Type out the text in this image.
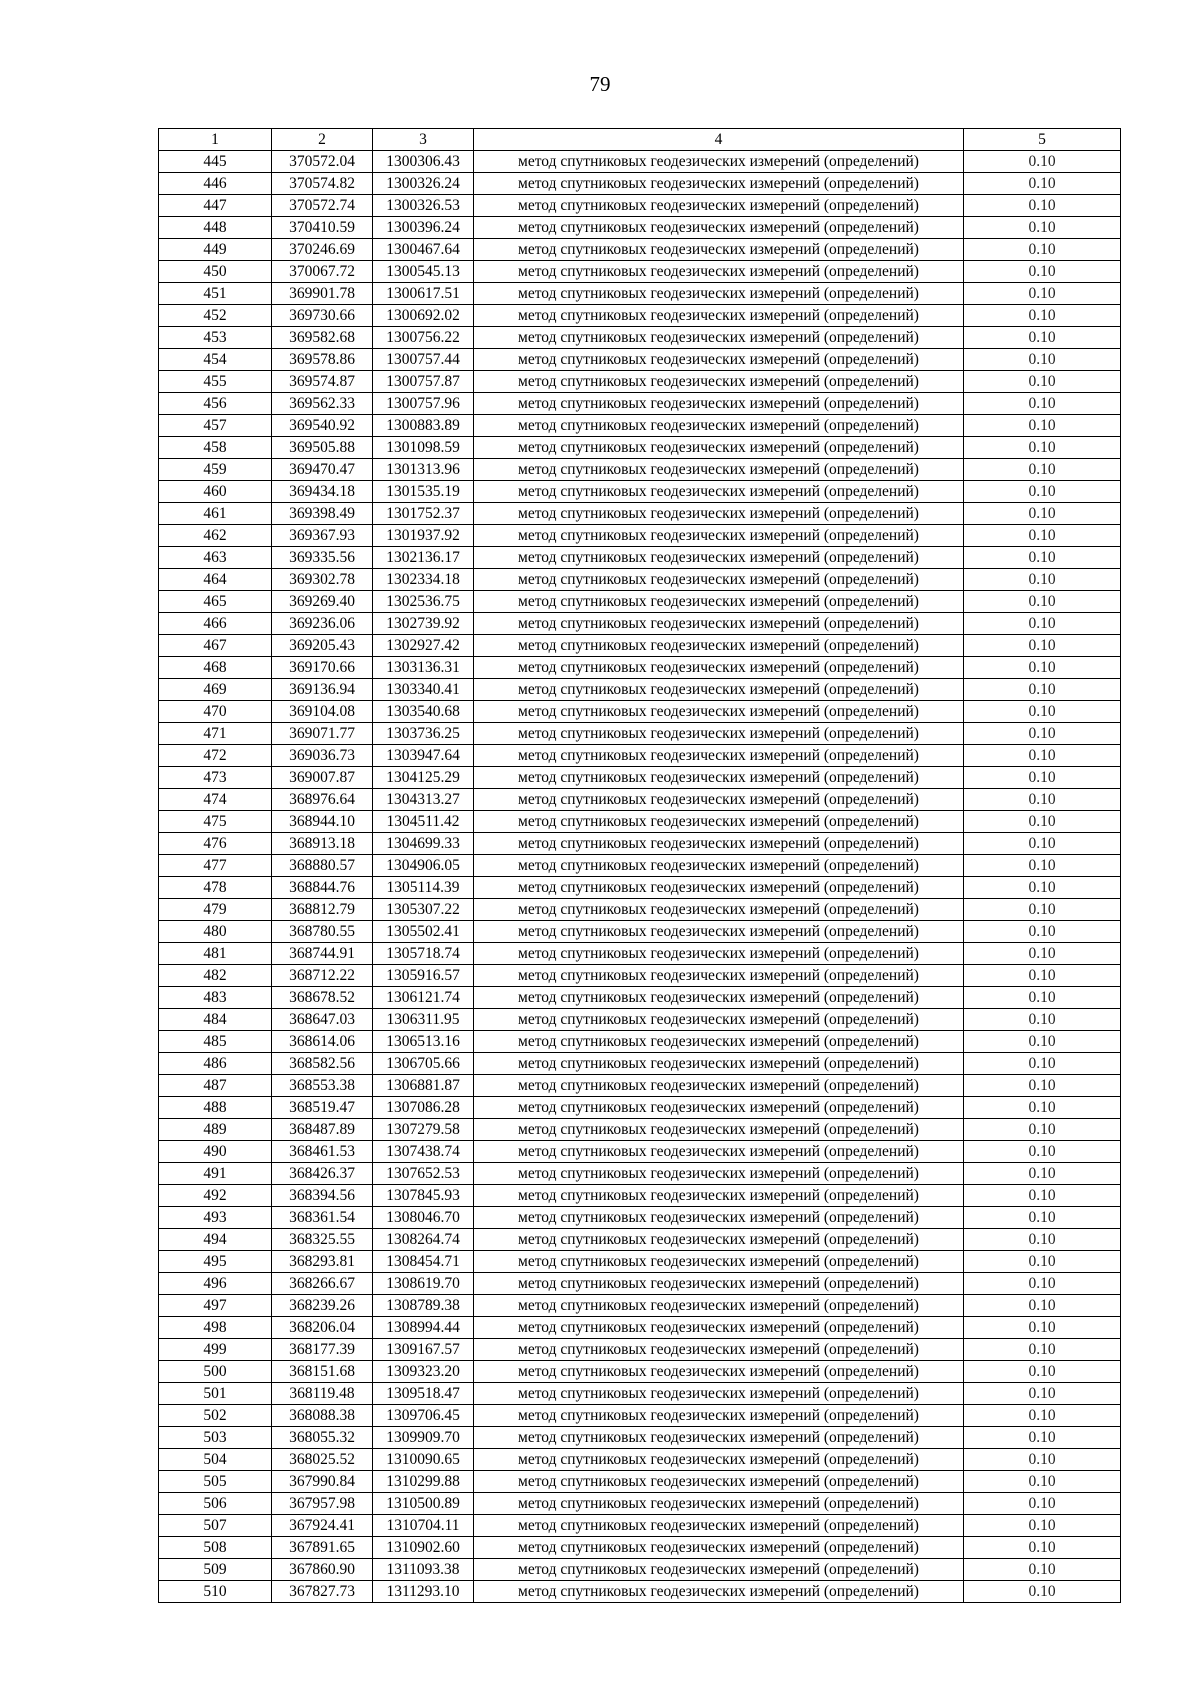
79
1	2	3	4	5
445	370572.04	1300306.43	метод спутниковых геодезических измерений (определений)	0.10
446	370574.82	1300326.24	метод спутниковых геодезических измерений (определений)	0.10
447	370572.74	1300326.53	метод спутниковых геодезических измерений (определений)	0.10
448	370410.59	1300396.24	метод спутниковых геодезических измерений (определений)	0.10
449	370246.69	1300467.64	метод спутниковых геодезических измерений (определений)	0.10
450	370067.72	1300545.13	метод спутниковых геодезических измерений (определений)	0.10
451	369901.78	1300617.51	метод спутниковых геодезических измерений (определений)	0.10
452	369730.66	1300692.02	метод спутниковых геодезических измерений (определений)	0.10
453	369582.68	1300756.22	метод спутниковых геодезических измерений (определений)	0.10
454	369578.86	1300757.44	метод спутниковых геодезических измерений (определений)	0.10
455	369574.87	1300757.87	метод спутниковых геодезических измерений (определений)	0.10
456	369562.33	1300757.96	метод спутниковых геодезических измерений (определений)	0.10
457	369540.92	1300883.89	метод спутниковых геодезических измерений (определений)	0.10
458	369505.88	1301098.59	метод спутниковых геодезических измерений (определений)	0.10
459	369470.47	1301313.96	метод спутниковых геодезических измерений (определений)	0.10
460	369434.18	1301535.19	метод спутниковых геодезических измерений (определений)	0.10
461	369398.49	1301752.37	метод спутниковых геодезических измерений (определений)	0.10
462	369367.93	1301937.92	метод спутниковых геодезических измерений (определений)	0.10
463	369335.56	1302136.17	метод спутниковых геодезических измерений (определений)	0.10
464	369302.78	1302334.18	метод спутниковых геодезических измерений (определений)	0.10
465	369269.40	1302536.75	метод спутниковых геодезических измерений (определений)	0.10
466	369236.06	1302739.92	метод спутниковых геодезических измерений (определений)	0.10
467	369205.43	1302927.42	метод спутниковых геодезических измерений (определений)	0.10
468	369170.66	1303136.31	метод спутниковых геодезических измерений (определений)	0.10
469	369136.94	1303340.41	метод спутниковых геодезических измерений (определений)	0.10
470	369104.08	1303540.68	метод спутниковых геодезических измерений (определений)	0.10
471	369071.77	1303736.25	метод спутниковых геодезических измерений (определений)	0.10
472	369036.73	1303947.64	метод спутниковых геодезических измерений (определений)	0.10
473	369007.87	1304125.29	метод спутниковых геодезических измерений (определений)	0.10
474	368976.64	1304313.27	метод спутниковых геодезических измерений (определений)	0.10
475	368944.10	1304511.42	метод спутниковых геодезических измерений (определений)	0.10
476	368913.18	1304699.33	метод спутниковых геодезических измерений (определений)	0.10
477	368880.57	1304906.05	метод спутниковых геодезических измерений (определений)	0.10
478	368844.76	1305114.39	метод спутниковых геодезических измерений (определений)	0.10
479	368812.79	1305307.22	метод спутниковых геодезических измерений (определений)	0.10
480	368780.55	1305502.41	метод спутниковых геодезических измерений (определений)	0.10
481	368744.91	1305718.74	метод спутниковых геодезических измерений (определений)	0.10
482	368712.22	1305916.57	метод спутниковых геодезических измерений (определений)	0.10
483	368678.52	1306121.74	метод спутниковых геодезических измерений (определений)	0.10
484	368647.03	1306311.95	метод спутниковых геодезических измерений (определений)	0.10
485	368614.06	1306513.16	метод спутниковых геодезических измерений (определений)	0.10
486	368582.56	1306705.66	метод спутниковых геодезических измерений (определений)	0.10
487	368553.38	1306881.87	метод спутниковых геодезических измерений (определений)	0.10
488	368519.47	1307086.28	метод спутниковых геодезических измерений (определений)	0.10
489	368487.89	1307279.58	метод спутниковых геодезических измерений (определений)	0.10
490	368461.53	1307438.74	метод спутниковых геодезических измерений (определений)	0.10
491	368426.37	1307652.53	метод спутниковых геодезических измерений (определений)	0.10
492	368394.56	1307845.93	метод спутниковых геодезических измерений (определений)	0.10
493	368361.54	1308046.70	метод спутниковых геодезических измерений (определений)	0.10
494	368325.55	1308264.74	метод спутниковых геодезических измерений (определений)	0.10
495	368293.81	1308454.71	метод спутниковых геодезических измерений (определений)	0.10
496	368266.67	1308619.70	метод спутниковых геодезических измерений (определений)	0.10
497	368239.26	1308789.38	метод спутниковых геодезических измерений (определений)	0.10
498	368206.04	1308994.44	метод спутниковых геодезических измерений (определений)	0.10
499	368177.39	1309167.57	метод спутниковых геодезических измерений (определений)	0.10
500	368151.68	1309323.20	метод спутниковых геодезических измерений (определений)	0.10
501	368119.48	1309518.47	метод спутниковых геодезических измерений (определений)	0.10
502	368088.38	1309706.45	метод спутниковых геодезических измерений (определений)	0.10
503	368055.32	1309909.70	метод спутниковых геодезических измерений (определений)	0.10
504	368025.52	1310090.65	метод спутниковых геодезических измерений (определений)	0.10
505	367990.84	1310299.88	метод спутниковых геодезических измерений (определений)	0.10
506	367957.98	1310500.89	метод спутниковых геодезических измерений (определений)	0.10
507	367924.41	1310704.11	метод спутниковых геодезических измерений (определений)	0.10
508	367891.65	1310902.60	метод спутниковых геодезических измерений (определений)	0.10
509	367860.90	1311093.38	метод спутниковых геодезических измерений (определений)	0.10
510	367827.73	1311293.10	метод спутниковых геодезических измерений (определений)	0.10
